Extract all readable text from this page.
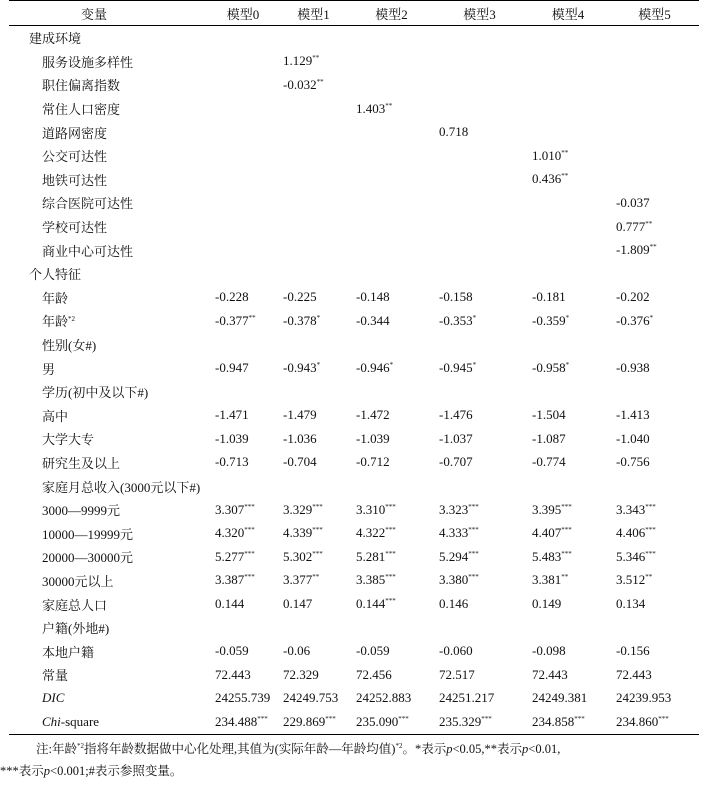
变量	模型0	模型1	模型2	模型3	模型4	模型5
建成环境						
服务设施多样性		1.129**				
职住偏离指数		-0.032**				
常住人口密度			1.403**			
道路网密度				0.718		
公交可达性					1.010**	
地铁可达性					0.436**	
综合医院可达性						-0.037
学校可达性						0.777**
商业中心可达性						-1.809**
个人特征						
年龄	-0.228	-0.225	-0.148	-0.158	-0.181	-0.202
年龄$^{*2}$	-0.377**	-0.378*	-0.344	-0.353*	-0.359*	-0.376*
性别(女#)						
男	-0.947	-0.943*	-0.946*	-0.945*	-0.958*	-0.938
学历(初中及以下#)						
高中	-1.471	-1.479	-1.472	-1.476	-1.504	-1.413
大学大专	-1.039	-1.036	-1.039	-1.037	-1.087	-1.040
研究生及以上	-0.713	-0.704	-0.712	-0.707	-0.774	-0.756
家庭月总收入(3000元以下#)						
3000—9999元	3.307***	3.329***	3.310***	3.323***	3.395***	3.343***
10000—19999元	4.320***	4.339***	4.322***	4.333***	4.407***	4.406***
20000—30000元	5.277***	5.302***	5.281***	5.294***	5.483***	5.346***
30000元以上	3.387***	3.377**	3.385***	3.380***	3.381**	3.512**
家庭总人口	0.144	0.147	0.144***	0.146	0.149	0.134
户籍(外地#)						
本地户籍	-0.059	-0.06	-0.059	-0.060	-0.098	-0.156
常量	72.443	72.329	72.456	72.517	72.443	72.443
DIC	24255.739	24249.753	24252.883	24251.217	24249.381	24239.953
Chi-square	234.488***	229.869***	235.090***	235.329***	234.858***	234.860***
注:年龄$^{*2}$指将年龄数据做中心化处理,其值为(实际年龄—年龄均值)$^{*2}$。*表示p<0.05,**表示p<0.01,
***表示p<0.001;#表示参照变量。
